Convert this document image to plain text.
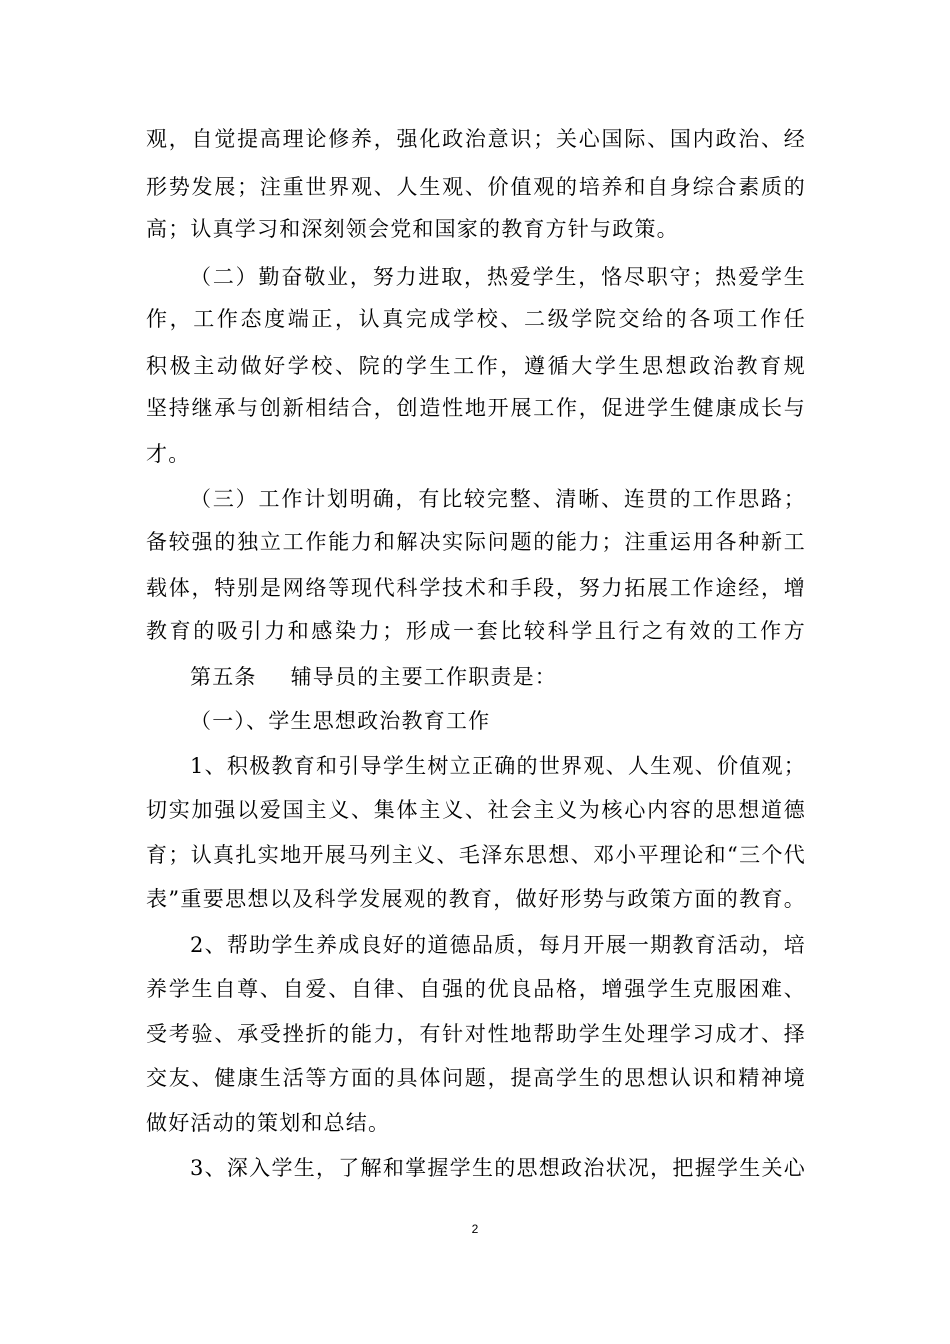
观，自觉提高理论修养，强化政治意识；关心国际、国内政治、经
形势发展；注重世界观、人生观、价值观的培养和自身综合素质的
高；认真学习和深刻领会党和国家的教育方针与政策。
（二）勤奋敬业，努力进取，热爱学生，恪尽职守；热爱学生
作，工作态度端正，认真完成学校、二级学院交给的各项工作任
积极主动做好学校、院的学生工作，遵循大学生思想政治教育规
坚持继承与创新相结合，创造性地开展工作，促进学生健康成长与
才。
（三）工作计划明确，有比较完整、清晰、连贯的工作思路；
备较强的独立工作能力和解决实际问题的能力；注重运用各种新工
载体，特别是网络等现代科学技术和手段，努力拓展工作途经，增
教育的吸引力和感染力；形成一套比较科学且行之有效的工作方
第五条 辅导员的主要工作职责是：
（一）、学生思想政治教育工作
1、积极教育和引导学生树立正确的世界观、人生观、价值观；
切实加强以爱国主义、集体主义、社会主义为核心内容的思想道德
育；认真扎实地开展马列主义、毛泽东思想、邓小平理论和“三个代
表”重要思想以及科学发展观的教育，做好形势与政策方面的教育。
2、帮助学生养成良好的道德品质，每月开展一期教育活动，培
养学生自尊、自爱、自律、自强的优良品格，增强学生克服困难、
受考验、承受挫折的能力，有针对性地帮助学生处理学习成才、择
交友、健康生活等方面的具体问题，提高学生的思想认识和精神境
做好活动的策划和总结。
3、深入学生，了解和掌握学生的思想政治状况，把握学生关心
2
